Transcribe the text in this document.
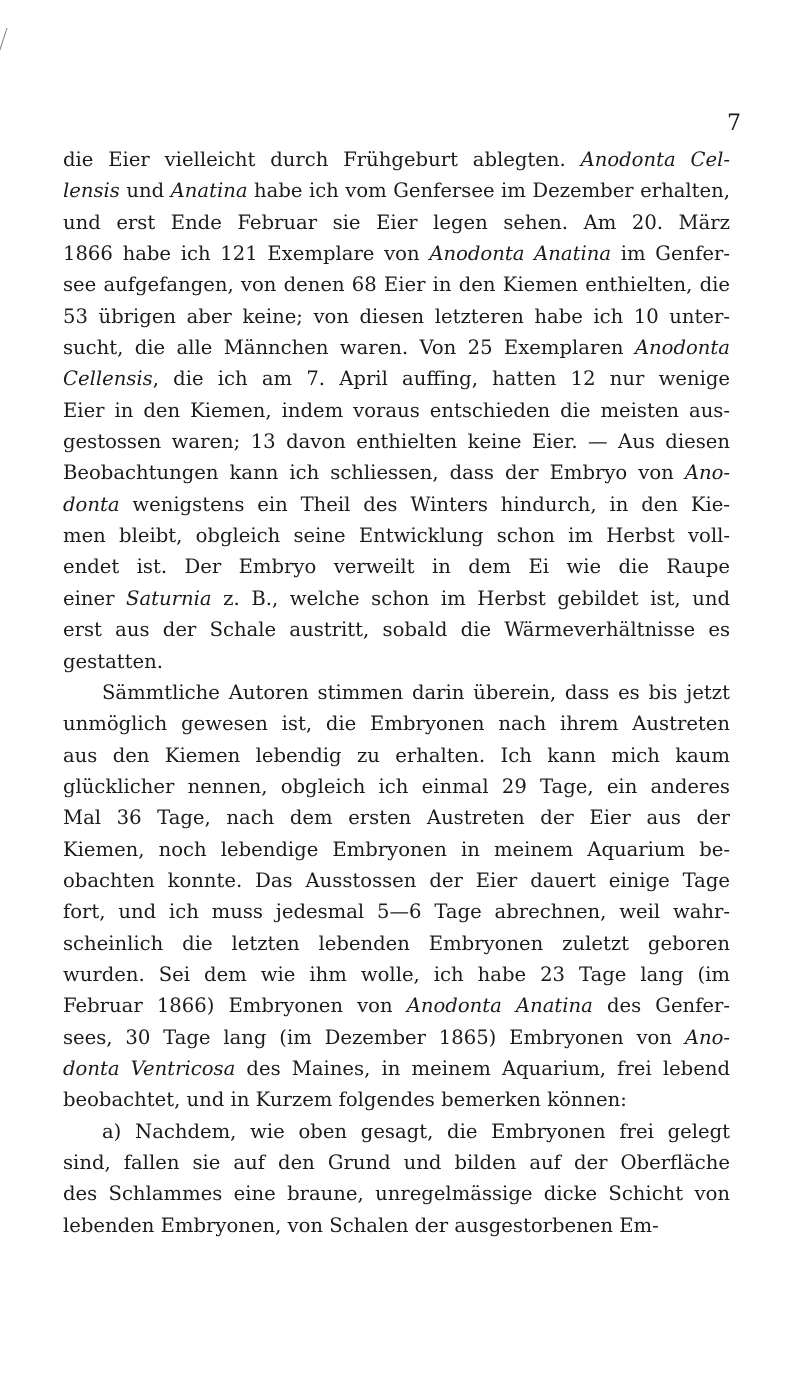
7
die Eier vielleicht durch Frühgeburt ablegten. Anodonta Cel-
lensis und Anatina habe ich vom Genfersee im Dezember erhalten,
und erst Ende Februar sie Eier legen sehen. Am 20. März
1866 habe ich 121 Exemplare von Anodonta Anatina im Genfer-
see aufgefangen, von denen 68 Eier in den Kiemen enthielten, die
53 übrigen aber keine; von diesen letzteren habe ich 10 unter-
sucht, die alle Männchen waren. Von 25 Exemplaren Anodonta
Cellensis, die ich am 7. April auffing, hatten 12 nur wenige
Eier in den Kiemen, indem voraus entschieden die meisten aus-
gestossen waren; 13 davon enthielten keine Eier. — Aus diesen
Beobachtungen kann ich schliessen, dass der Embryo von Ano-
donta wenigstens ein Theil des Winters hindurch, in den Kie-
men bleibt, obgleich seine Entwicklung schon im Herbst voll-
endet ist. Der Embryo verweilt in dem Ei wie die Raupe
einer Saturnia z. B., welche schon im Herbst gebildet ist, und
erst aus der Schale austritt, sobald die Wärmeverhältnisse es
gestatten.
Sämmtliche Autoren stimmen darin überein, dass es bis jetzt
unmöglich gewesen ist, die Embryonen nach ihrem Austreten
aus den Kiemen lebendig zu erhalten. Ich kann mich kaum
glücklicher nennen, obgleich ich einmal 29 Tage, ein anderes
Mal 36 Tage, nach dem ersten Austreten der Eier aus der
Kiemen, noch lebendige Embryonen in meinem Aquarium be-
obachten konnte. Das Ausstossen der Eier dauert einige Tage
fort, und ich muss jedesmal 5—6 Tage abrechnen, weil wahr-
scheinlich die letzten lebenden Embryonen zuletzt geboren
wurden. Sei dem wie ihm wolle, ich habe 23 Tage lang (im
Februar 1866) Embryonen von Anodonta Anatina des Genfer-
sees, 30 Tage lang (im Dezember 1865) Embryonen von Ano-
donta Ventricosa des Maines, in meinem Aquarium, frei lebend
beobachtet, und in Kurzem folgendes bemerken können:
a) Nachdem, wie oben gesagt, die Embryonen frei gelegt
sind, fallen sie auf den Grund und bilden auf der Oberfläche
des Schlammes eine braune, unregelmässige dicke Schicht von
lebenden Embryonen, von Schalen der ausgestorbenen Em-
